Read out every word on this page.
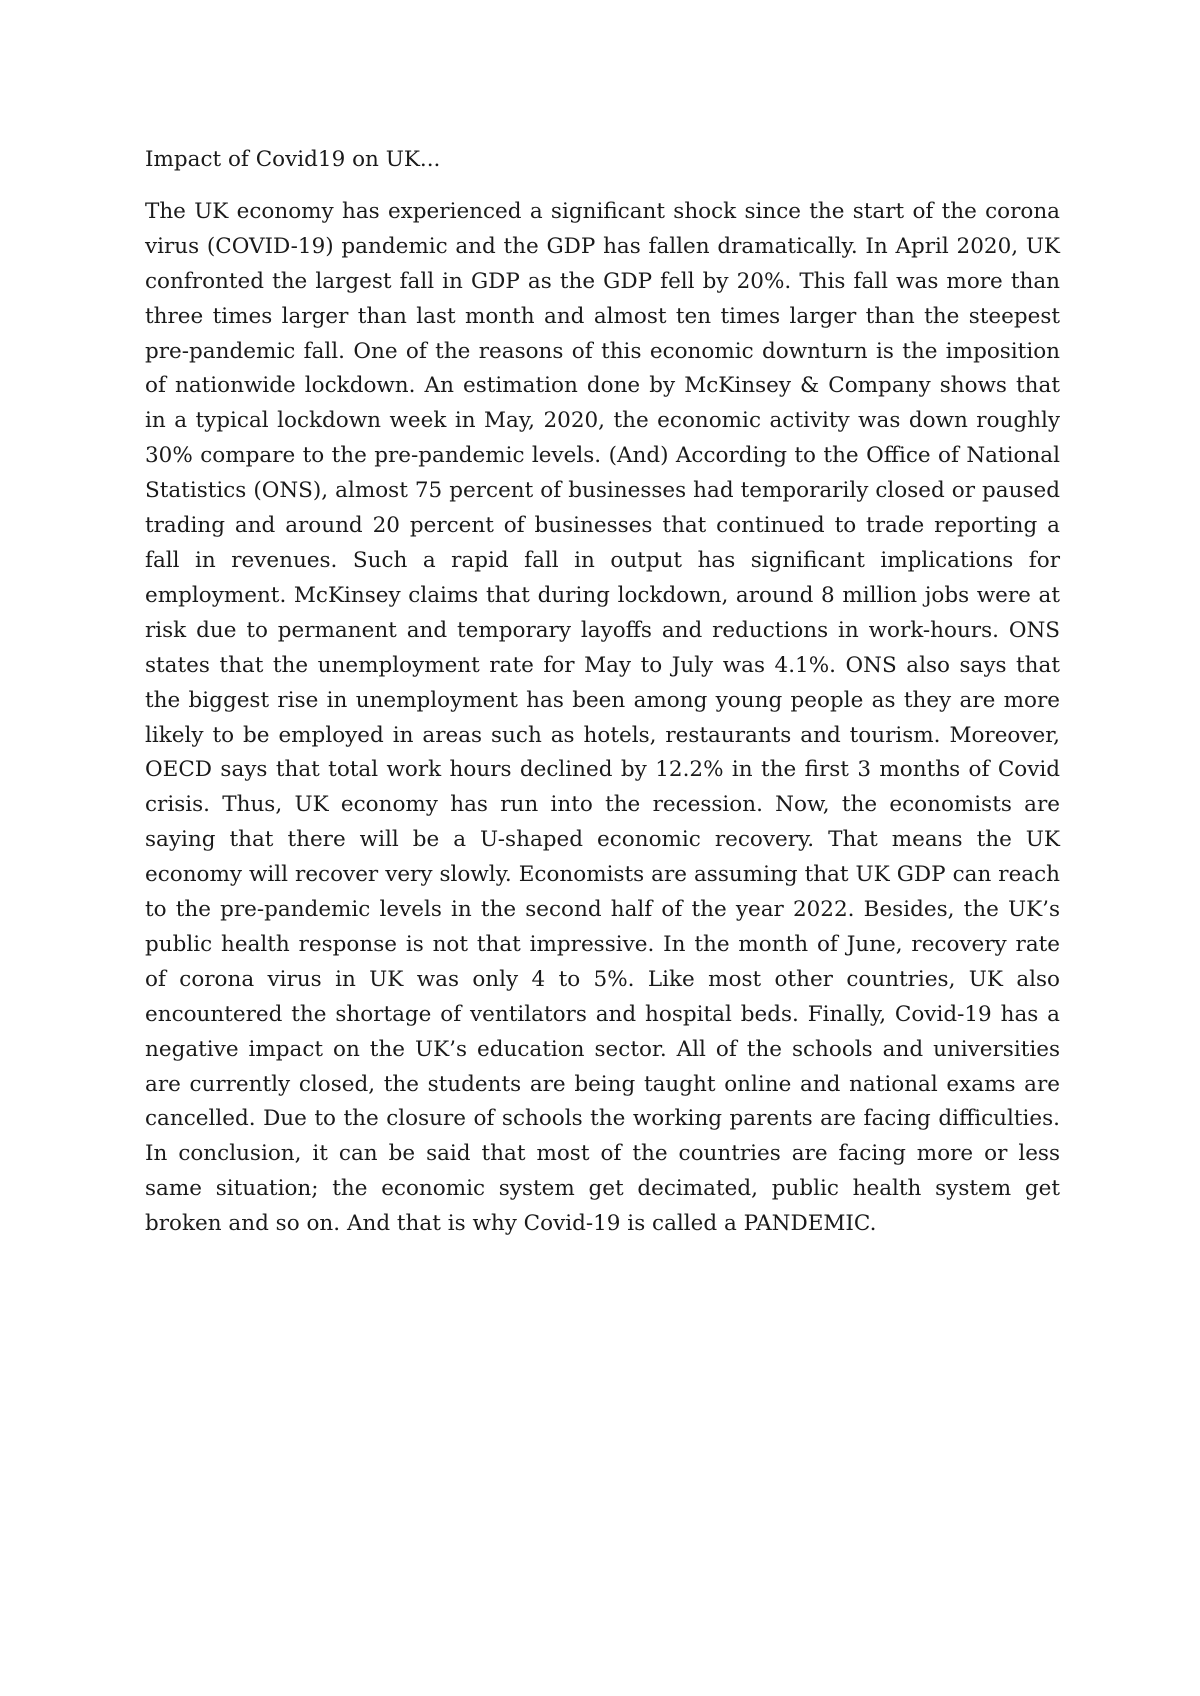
Impact of Covid19 on UK...

The UK economy has experienced a significant shock since the start of the corona virus (COVID-19) pandemic and the GDP has fallen dramatically. In April 2020, UK confronted the largest fall in GDP as the GDP fell by 20%. This fall was more than three times larger than last month and almost ten times larger than the steepest pre-pandemic fall. One of the reasons of this economic downturn is the imposition of nationwide lockdown. An estimation done by McKinsey & Company shows that in a typical lockdown week in May, 2020, the economic activity was down roughly 30% compare to the pre-pandemic levels. (And) According to the Office of National Statistics (ONS), almost 75 percent of businesses had temporarily closed or paused trading and around 20 percent of businesses that continued to trade reporting a fall in revenues. Such a rapid fall in output has significant implications for employment. McKinsey claims that during lockdown, around 8 million jobs were at risk due to permanent and temporary layoffs and reductions in work-hours. ONS states that the unemployment rate for May to July was 4.1%. ONS also says that the biggest rise in unemployment has been among young people as they are more likely to be employed in areas such as hotels, restaurants and tourism. Moreover, OECD says that total work hours declined by 12.2% in the first 3 months of Covid crisis. Thus, UK economy has run into the recession. Now, the economists are saying that there will be a U-shaped economic recovery. That means the UK economy will recover very slowly. Economists are assuming that UK GDP can reach to the pre-pandemic levels in the second half of the year 2022. Besides, the UK’s public health response is not that impressive. In the month of June, recovery rate of corona virus in UK was only 4 to 5%. Like most other countries, UK also encountered the shortage of ventilators and hospital beds. Finally, Covid-19 has a negative impact on the UK’s education sector. All of the schools and universities are currently closed, the students are being taught online and national exams are cancelled. Due to the closure of schools the working parents are facing difficulties. In conclusion, it can be said that most of the countries are facing more or less same situation; the economic system get decimated, public health system get broken and so on. And that is why Covid-19 is called a PANDEMIC.
